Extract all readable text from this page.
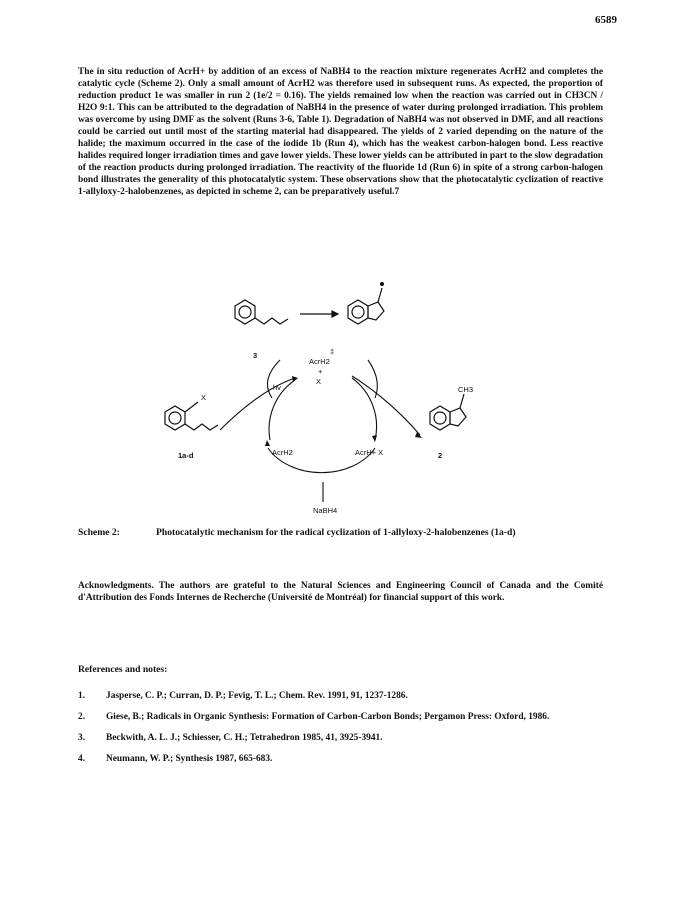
6589

The in situ reduction of AcrH+ by addition of an excess of NaBH4 to the reaction mixture regenerates AcrH2 and completes the catalytic cycle (Scheme 2). Only a small amount of AcrH2 was therefore used in subsequent runs. As expected, the proportion of reduction product 1e was smaller in run 2 (1e/2 = 0.16). The yields remained low when the reaction was carried out in CH3CN / H2O 9:1. This can be attributed to the degradation of NaBH4 in the presence of water during prolonged irradiation. This problem was overcome by using DMF as the solvent (Runs 3-6, Table 1). Degradation of NaBH4 was not observed in DMF, and all reactions could be carried out until most of the starting material had disappeared. The yields of 2 varied depending on the nature of the halide; the maximum occurred in the case of the iodide 1b (Run 4), which has the weakest carbon-halogen bond. Less reactive halides required longer irradiation times and gave lower yields. These lower yields can be attributed in part to the slow degradation of the reaction products during prolonged irradiation. The reactivity of the fluoride 1d (Run 6) in spite of a strong carbon-halogen bond illustrates the generality of this photocatalytic system. These observations show that the photocatalytic cyclization of reactive 1-allyloxy-2-halobenzenes, as depicted in scheme 2, can be preparatively useful.7

3
AcrH2
‡
+
X
hv
X
CH3
1a-d	2
AcrH2	AcrH+ X
NaBH4
Scheme 2:	Photocatalytic mechanism for the radical cyclization of 1-allyloxy-2-halobenzenes (1a-d)
Acknowledgments. The authors are grateful to the Natural Sciences and Engineering Council of Canada and the Comité d'Attribution des Fonds Internes de Recherche (Université de Montréal) for financial support of this work.
References and notes:
1.	Jasperse, C. P.; Curran, D. P.; Fevig, T. L.; Chem. Rev. 1991, 91, 1237-1286.
2.	Giese, B.; Radicals in Organic Synthesis: Formation of Carbon-Carbon Bonds; Pergamon Press: Oxford, 1986.
3.	Beckwith, A. L. J.; Schiesser, C. H.; Tetrahedron 1985, 41, 3925-3941.
4.	Neumann, W. P.; Synthesis 1987, 665-683.
